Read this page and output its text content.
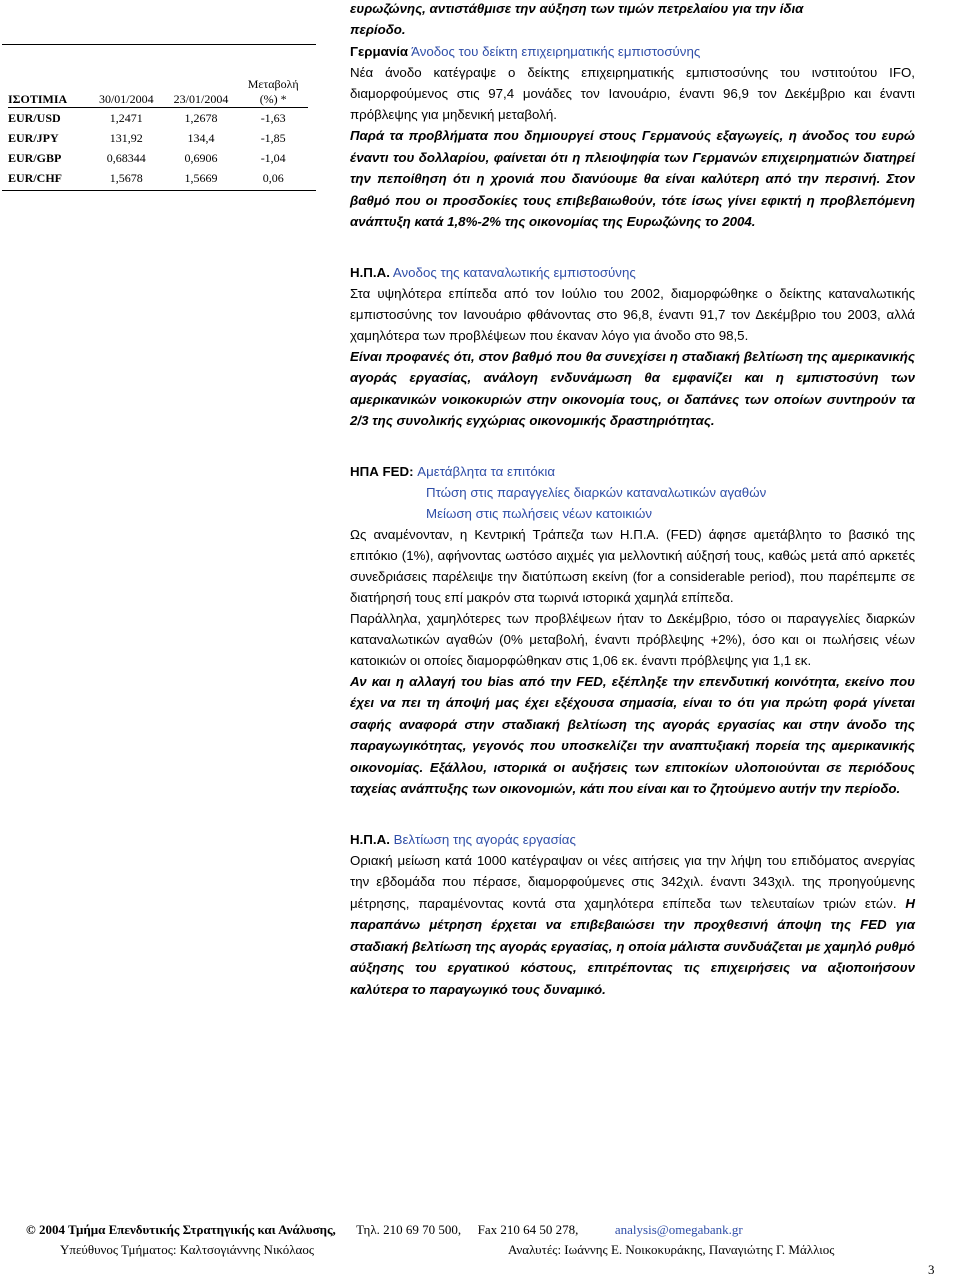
ΙΣΟΤΙΜΙΑ	30/01/2004	23/01/2004	Μεταβολή
(%) *

EUR/USD	1,2471	1,2678	-1,63
EUR/JPY	131,92	134,4	-1,85
EUR/GBP	0,68344	0,6906	-1,04
EUR/CHF	1,5678	1,5669	0,06

ευρωζώνης, αντιστάθμισε την αύξηση των τιμών πετρελαίου για την ίδια

περίοδο.

Γερμανία Άνοδος του δείκτη επιχειρηματικής εμπιστοσύνης

Νέα άνοδο κατέγραψε ο δείκτης επιχειρηματικής εμπιστοσύνης του ινστιτούτου IFO, διαμορφούμενος στις 97,4 μονάδες τον Ιανουάριο, έναντι 96,9 τον Δεκέμβριο και έναντι πρόβλεψης για μηδενική μεταβολή.

Παρά τα προβλήματα που δημιουργεί στους Γερμανούς εξαγωγείς, η άνοδος του ευρώ έναντι του δολλαρίου, φαίνεται ότι η πλειοψηφία των Γερμανών επιχειρηματιών διατηρεί την πεποίθηση ότι η χρονιά που διανύουμε θα είναι καλύτερη από την περσινή. Στον βαθμό που οι προσδοκίες τους επιβεβαιωθούν, τότε ίσως γίνει εφικτή η προβλεπόμενη ανάπτυξη κατά 1,8%-2% της οικονομίας της Ευρωζώνης το 2004.

Η.Π.Α. Ανοδος της καταναλωτικής εμπιστοσύνης

Στα υψηλότερα επίπεδα από τον Ιούλιο του 2002, διαμορφώθηκε ο δείκτης καταναλωτικής εμπιστοσύνης τον Ιανουάριο φθάνοντας στο 96,8, έναντι 91,7 τον Δεκέμβριο του 2003, αλλά χαμηλότερα των προβλέψεων που έκαναν λόγο για άνοδο στο 98,5.

Είναι προφανές ότι, στον βαθμό που θα συνεχίσει η σταδιακή βελτίωση της αμερικανικής αγοράς εργασίας, ανάλογη ενδυνάμωση θα εμφανίζει και η εμπιστοσύνη των αμερικανικών νοικοκυριών στην οικονομία τους, οι δαπάνες των οποίων συντηρούν τα 2/3 της συνολικής εγχώριας οικονομικής δραστηριότητας.

ΗΠΑ FED: Αμετάβλητα τα επιτόκια

Πτώση στις παραγγελίες διαρκών καταναλωτικών αγαθών

Μείωση στις πωλήσεις νέων κατοικιών

Ως αναμένονταν, η Κεντρική Τράπεζα των Η.Π.Α. (FED) άφησε αμετάβλητο το βασικό της επιτόκιο (1%), αφήνοντας ωστόσο αιχμές για μελλοντική αύξησή τους, καθώς μετά από αρκετές συνεδριάσεις παρέλειψε την διατύπωση εκείνη (for a considerable period), που παρέπεμπε σε διατήρησή τους επί μακρόν στα τωρινά ιστορικά χαμηλά επίπεδα.

Παράλληλα, χαμηλότερες των προβλέψεων ήταν το Δεκέμβριο, τόσο οι παραγγελίες διαρκών καταναλωτικών αγαθών (0% μεταβολή, έναντι πρόβλεψης +2%), όσο και οι πωλήσεις νέων κατοικιών οι οποίες διαμορφώθηκαν στις 1,06 εκ. έναντι πρόβλεψης για 1,1 εκ.

Αν και η αλλαγή του bias από την FED, εξέπληξε την επενδυτική κοινότητα, εκείνο που έχει να πει τη άποψή μας έχει εξέχουσα σημασία, είναι το ότι για πρώτη φορά γίνεται σαφής αναφορά στην σταδιακή βελτίωση της αγοράς εργασίας και στην άνοδο της παραγωγικότητας, γεγονός που υποσκελίζει την αναπτυξιακή πορεία της αμερικανικής οικονομίας. Εξάλλου, ιστορικά οι αυξήσεις των επιτοκίων υλοποιούνται σε περιόδους ταχείας ανάπτυξης των οικονομιών, κάτι που είναι και το ζητούμενο αυτήν την περίοδο.

Η.Π.Α. Βελτίωση της αγοράς εργασίας

Οριακή μείωση κατά 1000 κατέγραψαν οι νέες αιτήσεις για την λήψη του επιδόματος ανεργίας την εβδομάδα που πέρασε, διαμορφούμενες στις 342χιλ. έναντι 343χιλ. της προηγούμενης μέτρησης, παραμένοντας κοντά στα χαμηλότερα επίπεδα των τελευταίων τριών ετών. Η παραπάνω μέτρηση έρχεται να επιβεβαιώσει την προχθεσινή άποψη της FED για σταδιακή βελτίωση της αγοράς εργασίας, η οποία μάλιστα συνδυάζεται με χαμηλό ρυθμό αύξησης του εργατικού κόστους, επιτρέποντας τις επιχειρήσεις να αξιοποιήσουν καλύτερα το παραγωγικό τους δυναμικό.

© 2004 Τμήμα Επενδυτικής Στρατηγικής και Ανάλυσης, Τηλ. 210 69 70 500, Fax 210 64 50 278,	analysis@omegabank.gr
Υπεύθυνος Τμήματος: Καλτσογιάννης Νικόλαος	Αναλυτές: Ιωάννης Ε. Νοικοκυράκης, Παναγιώτης Γ. Μάλλιος
3
